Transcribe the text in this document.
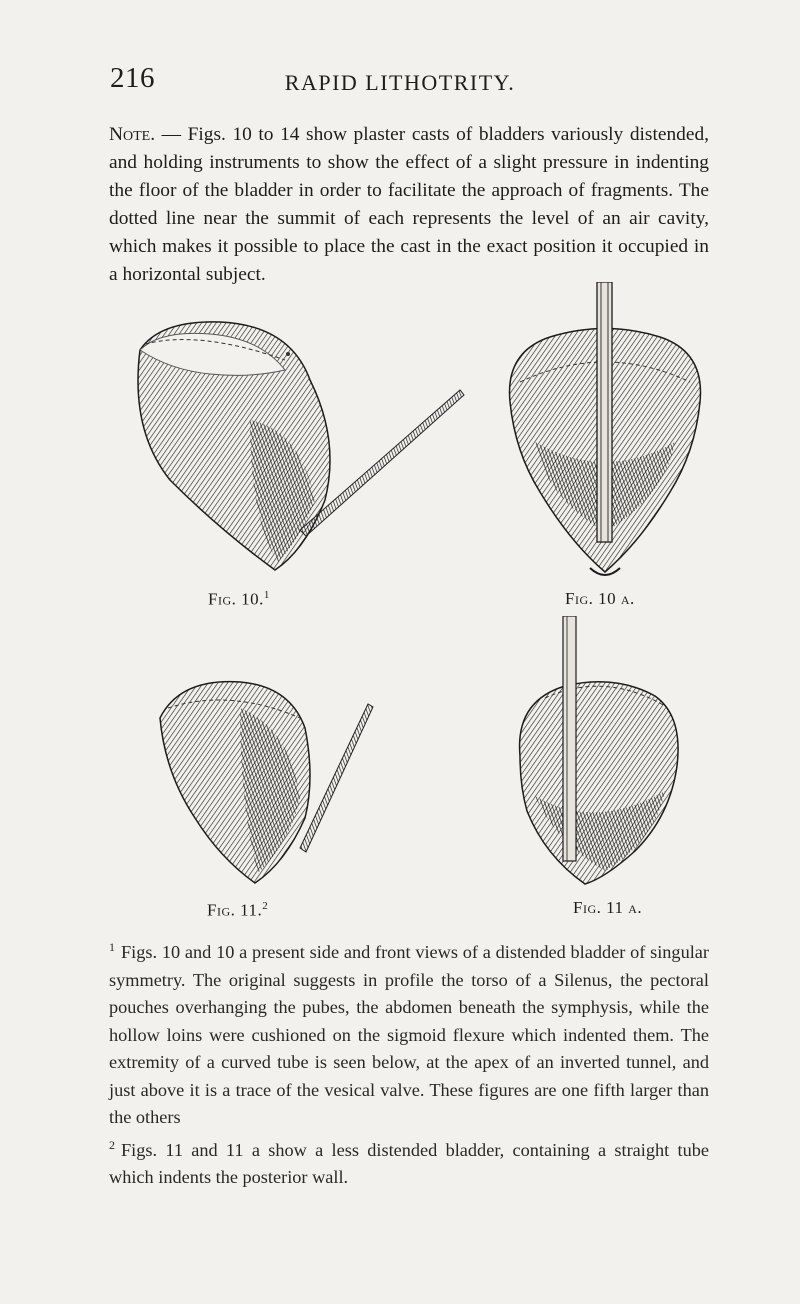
216	RAPID LITHOTRITY.

Note. — Figs. 10 to 14 show plaster casts of bladders variously distended, and holding instruments to show the effect of a slight pressure in indenting the floor of the bladder in order to facilitate the approach of fragments. The dotted line near the summit of each represents the level of an air cavity, which makes it possible to place the cast in the exact position it occupied in a horizontal subject.

Fig. 10.$^1$	Fig. 10 a.
Fig. 11.$^2$	Fig. 11 a.

$^1$ Figs. 10 and 10 a present side and front views of a distended bladder of singular symmetry. The original suggests in profile the torso of a Silenus, the pectoral pouches overhanging the pubes, the abdomen beneath the symphysis, while the hollow loins were cushioned on the sigmoid flexure which indented them. The extremity of a curved tube is seen below, at the apex of an inverted tunnel, and just above it is a trace of the vesical valve. These figures are one fifth larger than the others

$^2$ Figs. 11 and 11 a show a less distended bladder, containing a straight tube which indents the posterior wall.
